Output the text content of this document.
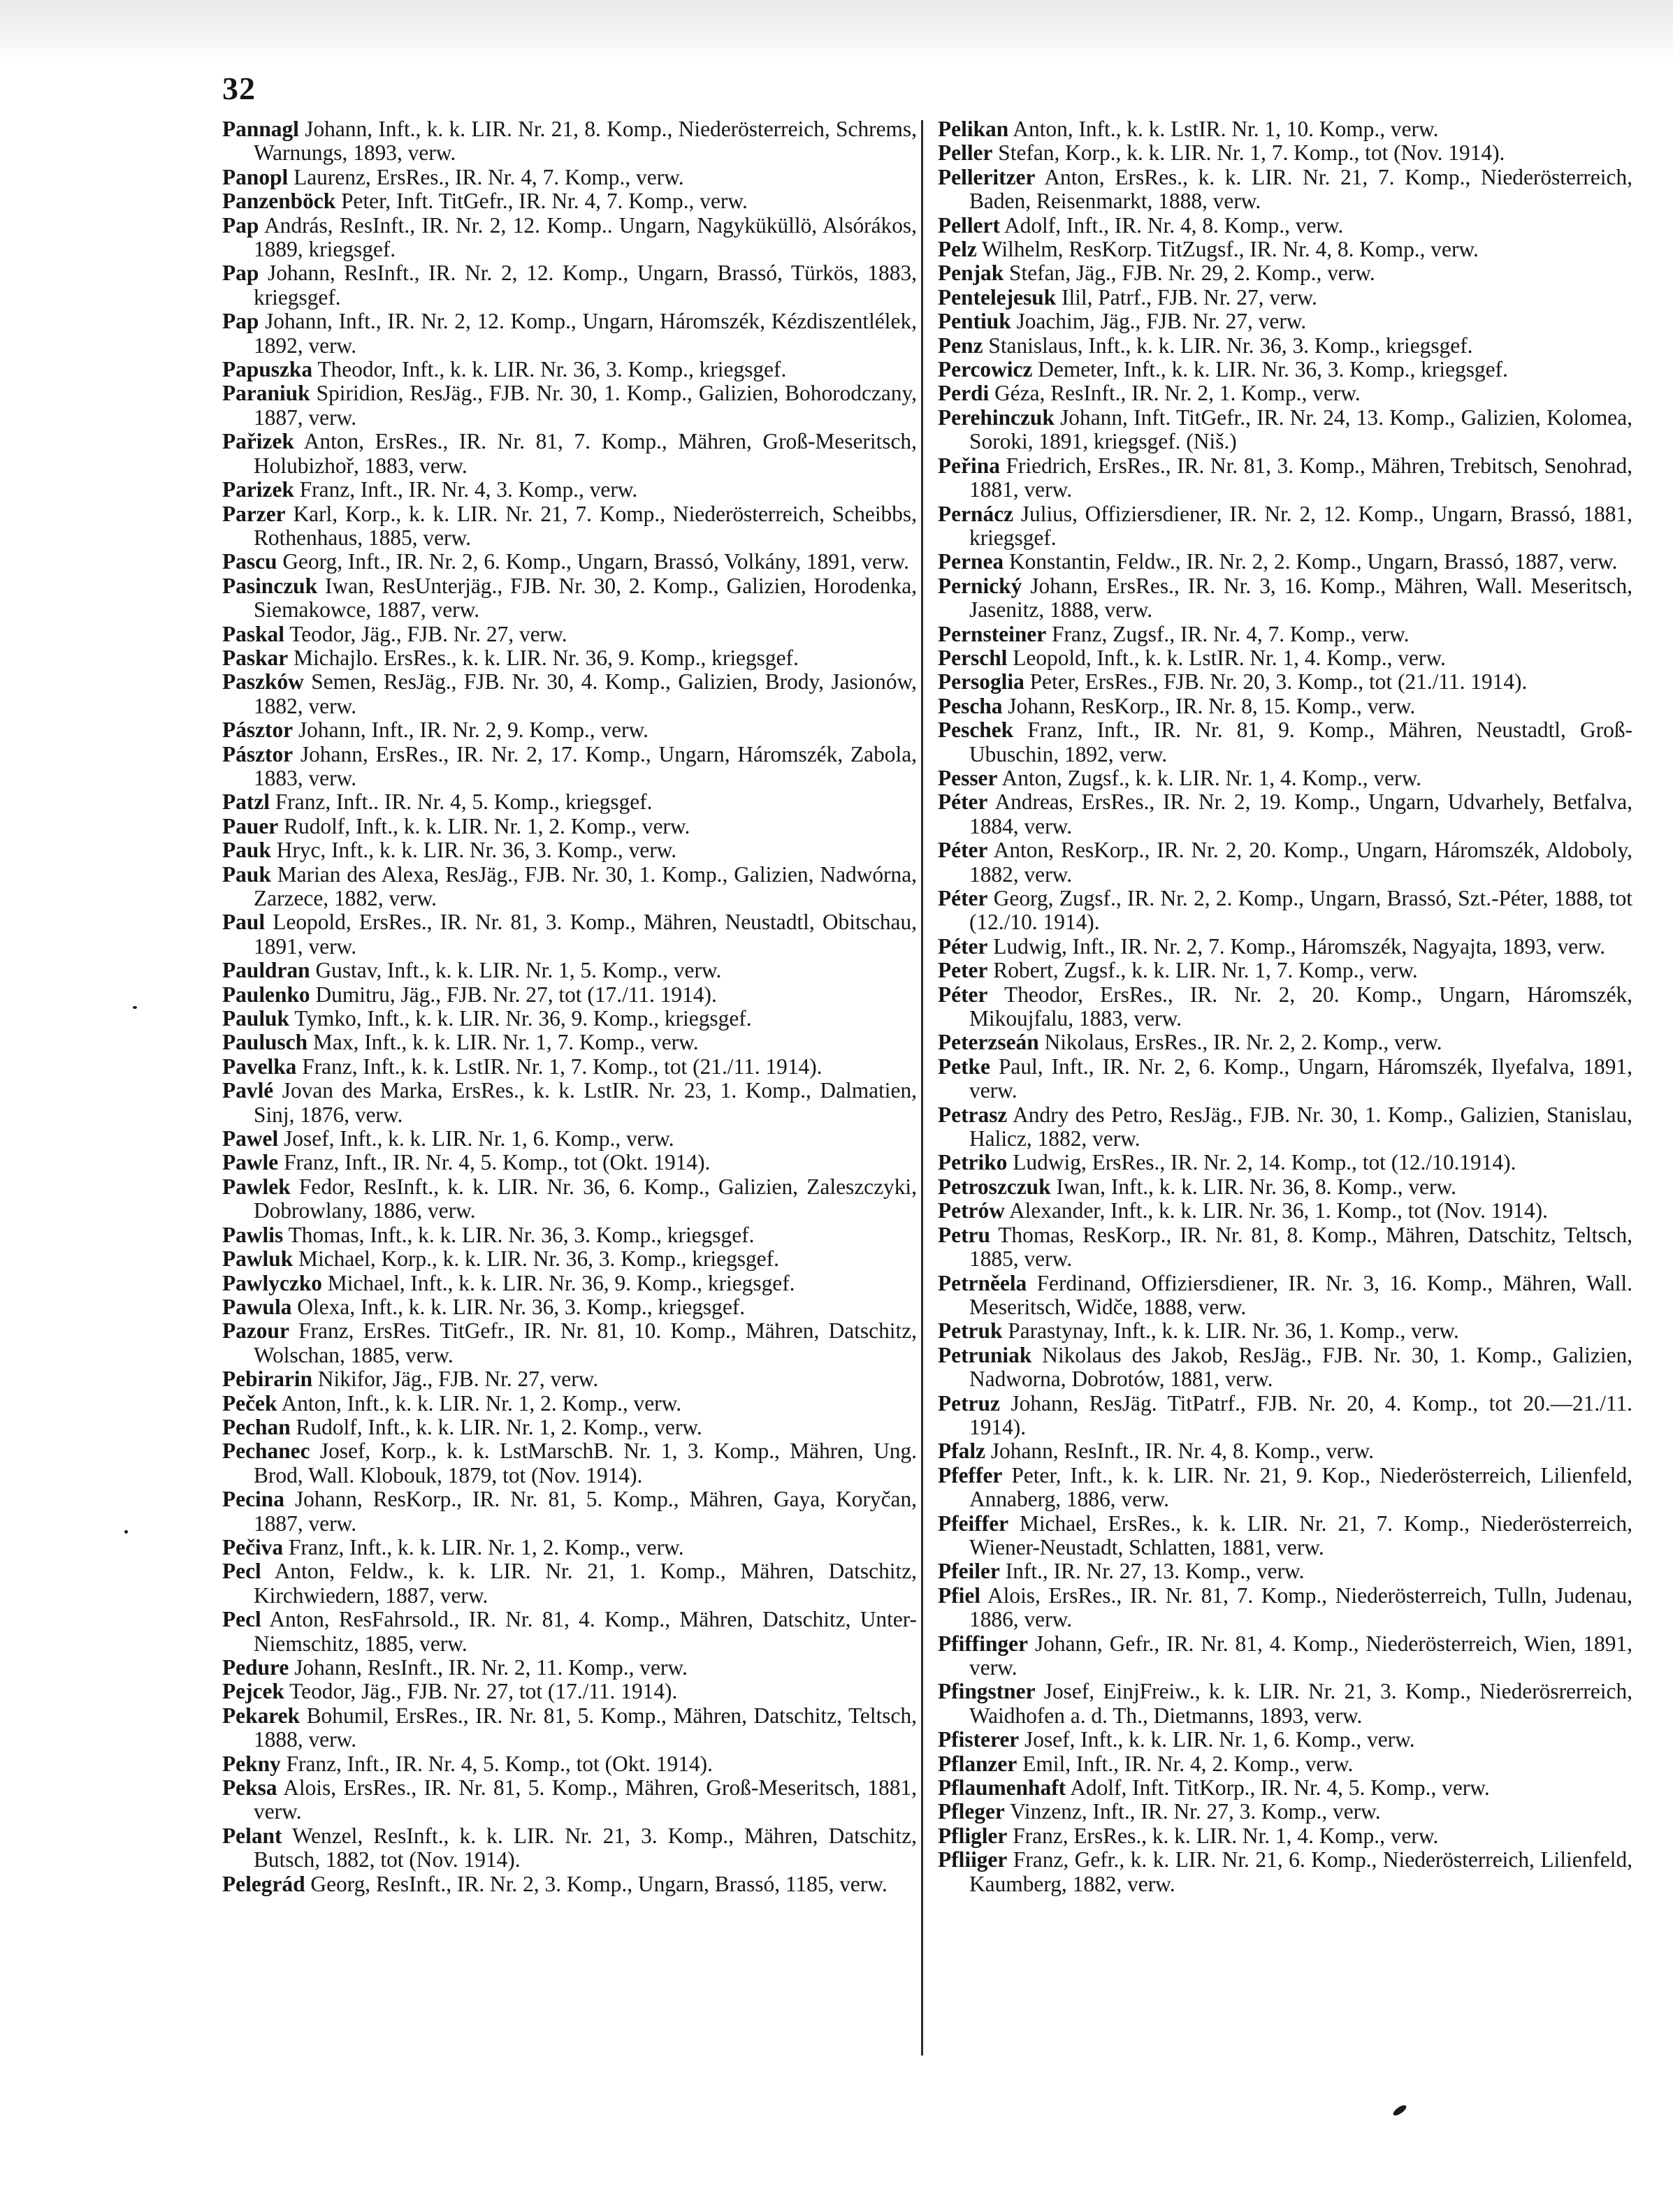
32

Pannagl Johann, Inft., k. k. LIR. Nr. 21, 8. Komp., Niederösterreich, Schrems, Warnungs, 1893, verw.

Panopl Laurenz, ErsRes., IR. Nr. 4, 7. Komp., verw.

Panzenböck Peter, Inft. TitGefr., IR. Nr. 4, 7. Komp., verw.

Pap András, ResInft., IR. Nr. 2, 12. Komp.. Ungarn, Nagyküküllö, Alsórákos, 1889, kriegsgef.

Pap Johann, ResInft., IR. Nr. 2, 12. Komp., Ungarn, Brassó, Türkös, 1883, kriegsgef.

Pap Johann, Inft., IR. Nr. 2, 12. Komp., Ungarn, Háromszék, Kézdiszentlélek, 1892, verw.

Papuszka Theodor, Inft., k. k. LIR. Nr. 36, 3. Komp., kriegsgef.

Paraniuk Spiridion, ResJäg., FJB. Nr. 30, 1. Komp., Galizien, Bohorodczany, 1887, verw.

Pařizek Anton, ErsRes., IR. Nr. 81, 7. Komp., Mähren, Groß-Meseritsch, Holubizhoř, 1883, verw.

Parizek Franz, Inft., IR. Nr. 4, 3. Komp., verw.

Parzer Karl, Korp., k. k. LIR. Nr. 21, 7. Komp., Niederösterreich, Scheibbs, Rothenhaus, 1885, verw.

Pascu Georg, Inft., IR. Nr. 2, 6. Komp., Ungarn, Brassó, Volkány, 1891, verw.

Pasinczuk Iwan, ResUnterjäg., FJB. Nr. 30, 2. Komp., Galizien, Horodenka, Siemakowce, 1887, verw.

Paskal Teodor, Jäg., FJB. Nr. 27, verw.

Paskar Michajlo. ErsRes., k. k. LIR. Nr. 36, 9. Komp., kriegsgef.

Paszków Semen, ResJäg., FJB. Nr. 30, 4. Komp., Galizien, Brody, Jasionów, 1882, verw.

Pásztor Johann, Inft., IR. Nr. 2, 9. Komp., verw.

Pásztor Johann, ErsRes., IR. Nr. 2, 17. Komp., Ungarn, Háromszék, Zabola, 1883, verw.

Patzl Franz, Inft.. IR. Nr. 4, 5. Komp., kriegsgef.

Pauer Rudolf, Inft., k. k. LIR. Nr. 1, 2. Komp., verw.

Pauk Hryc, Inft., k. k. LIR. Nr. 36, 3. Komp., verw.

Pauk Marian des Alexa, ResJäg., FJB. Nr. 30, 1. Komp., Galizien, Nadwórna, Zarzece, 1882, verw.

Paul Leopold, ErsRes., IR. Nr. 81, 3. Komp., Mähren, Neustadtl, Obitschau, 1891, verw.

Pauldran Gustav, Inft., k. k. LIR. Nr. 1, 5. Komp., verw.

Paulenko Dumitru, Jäg., FJB. Nr. 27, tot (17./11. 1914).

Pauluk Tymko, Inft., k. k. LIR. Nr. 36, 9. Komp., kriegsgef.

Paulusch Max, Inft., k. k. LIR. Nr. 1, 7. Komp., verw.

Pavelka Franz, Inft., k. k. LstIR. Nr. 1, 7. Komp., tot (21./11. 1914).

Pavlé Jovan des Marka, ErsRes., k. k. LstIR. Nr. 23, 1. Komp., Dalmatien, Sinj, 1876, verw.

Pawel Josef, Inft., k. k. LIR. Nr. 1, 6. Komp., verw.

Pawle Franz, Inft., IR. Nr. 4, 5. Komp., tot (Okt. 1914).

Pawlek Fedor, ResInft., k. k. LIR. Nr. 36, 6. Komp., Galizien, Zaleszczyki, Dobrowlany, 1886, verw.

Pawlis Thomas, Inft., k. k. LIR. Nr. 36, 3. Komp., kriegsgef.

Pawluk Michael, Korp., k. k. LIR. Nr. 36, 3. Komp., kriegsgef.

Pawlyczko Michael, Inft., k. k. LIR. Nr. 36, 9. Komp., kriegsgef.

Pawula Olexa, Inft., k. k. LIR. Nr. 36, 3. Komp., kriegsgef.

Pazour Franz, ErsRes. TitGefr., IR. Nr. 81, 10. Komp., Mähren, Datschitz, Wolschan, 1885, verw.

Pebirarin Nikifor, Jäg., FJB. Nr. 27, verw.

Peček Anton, Inft., k. k. LIR. Nr. 1, 2. Komp., verw.

Pechan Rudolf, Inft., k. k. LIR. Nr. 1, 2. Komp., verw.

Pechanec Josef, Korp., k. k. LstMarschB. Nr. 1, 3. Komp., Mähren, Ung. Brod, Wall. Klobouk, 1879, tot (Nov. 1914).

Pecina Johann, ResKorp., IR. Nr. 81, 5. Komp., Mähren, Gaya, Koryčan, 1887, verw.

Pečiva Franz, Inft., k. k. LIR. Nr. 1, 2. Komp., verw.

Pecl Anton, Feldw., k. k. LIR. Nr. 21, 1. Komp., Mähren, Datschitz, Kirchwiedern, 1887, verw.

Pecl Anton, ResFahrsold., IR. Nr. 81, 4. Komp., Mähren, Datschitz, Unter-Niemschitz, 1885, verw.

Pedure Johann, ResInft., IR. Nr. 2, 11. Komp., verw.

Pejcek Teodor, Jäg., FJB. Nr. 27, tot (17./11. 1914).

Pekarek Bohumil, ErsRes., IR. Nr. 81, 5. Komp., Mähren, Datschitz, Teltsch, 1888, verw.

Pekny Franz, Inft., IR. Nr. 4, 5. Komp., tot (Okt. 1914).

Peksa Alois, ErsRes., IR. Nr. 81, 5. Komp., Mähren, Groß-Meseritsch, 1881, verw.

Pelant Wenzel, ResInft., k. k. LIR. Nr. 21, 3. Komp., Mähren, Datschitz, Butsch, 1882, tot (Nov. 1914).

Pelegrád Georg, ResInft., IR. Nr. 2, 3. Komp., Ungarn, Brassó, 1185, verw.

Pelikan Anton, Inft., k. k. LstIR. Nr. 1, 10. Komp., verw.

Peller Stefan, Korp., k. k. LIR. Nr. 1, 7. Komp., tot (Nov. 1914).

Pelleritzer Anton, ErsRes., k. k. LIR. Nr. 21, 7. Komp., Niederösterreich, Baden, Reisenmarkt, 1888, verw.

Pellert Adolf, Inft., IR. Nr. 4, 8. Komp., verw.

Pelz Wilhelm, ResKorp. TitZugsf., IR. Nr. 4, 8. Komp., verw.

Penjak Stefan, Jäg., FJB. Nr. 29, 2. Komp., verw.

Pentelejesuk Ilil, Patrf., FJB. Nr. 27, verw.

Pentiuk Joachim, Jäg., FJB. Nr. 27, verw.

Penz Stanislaus, Inft., k. k. LIR. Nr. 36, 3. Komp., kriegsgef.

Percowicz Demeter, Inft., k. k. LIR. Nr. 36, 3. Komp., kriegsgef.

Perdi Géza, ResInft., IR. Nr. 2, 1. Komp., verw.

Perehinczuk Johann, Inft. TitGefr., IR. Nr. 24, 13. Komp., Galizien, Kolomea, Soroki, 1891, kriegsgef. (Niš.)

Peřina Friedrich, ErsRes., IR. Nr. 81, 3. Komp., Mähren, Trebitsch, Senohrad, 1881, verw.

Pernácz Julius, Offiziersdiener, IR. Nr. 2, 12. Komp., Ungarn, Brassó, 1881, kriegsgef.

Pernea Konstantin, Feldw., IR. Nr. 2, 2. Komp., Ungarn, Brassó, 1887, verw.

Pernický Johann, ErsRes., IR. Nr. 3, 16. Komp., Mähren, Wall. Meseritsch, Jasenitz, 1888, verw.

Pernsteiner Franz, Zugsf., IR. Nr. 4, 7. Komp., verw.

Perschl Leopold, Inft., k. k. LstIR. Nr. 1, 4. Komp., verw.

Persoglia Peter, ErsRes., FJB. Nr. 20, 3. Komp., tot (21./11. 1914).

Pescha Johann, ResKorp., IR. Nr. 8, 15. Komp., verw.

Peschek Franz, Inft., IR. Nr. 81, 9. Komp., Mähren, Neustadtl, Groß-Ubuschin, 1892, verw.

Pesser Anton, Zugsf., k. k. LIR. Nr. 1, 4. Komp., verw.

Péter Andreas, ErsRes., IR. Nr. 2, 19. Komp., Ungarn, Udvarhely, Betfalva, 1884, verw.

Péter Anton, ResKorp., IR. Nr. 2, 20. Komp., Ungarn, Háromszék, Aldoboly, 1882, verw.

Péter Georg, Zugsf., IR. Nr. 2, 2. Komp., Ungarn, Brassó, Szt.-Péter, 1888, tot (12./10. 1914).

Péter Ludwig, Inft., IR. Nr. 2, 7. Komp., Háromszék, Nagyajta, 1893, verw.

Peter Robert, Zugsf., k. k. LIR. Nr. 1, 7. Komp., verw.

Péter Theodor, ErsRes., IR. Nr. 2, 20. Komp., Ungarn, Háromszék, Mikoujfalu, 1883, verw.

Peterzseán Nikolaus, ErsRes., IR. Nr. 2, 2. Komp., verw.

Petke Paul, Inft., IR. Nr. 2, 6. Komp., Ungarn, Háromszék, Ilyefalva, 1891, verw.

Petrasz Andry des Petro, ResJäg., FJB. Nr. 30, 1. Komp., Galizien, Stanislau, Halicz, 1882, verw.

Petriko Ludwig, ErsRes., IR. Nr. 2, 14. Komp., tot (12./10.1914).

Petroszczuk Iwan, Inft., k. k. LIR. Nr. 36, 8. Komp., verw.

Petrów Alexander, Inft., k. k. LIR. Nr. 36, 1. Komp., tot (Nov. 1914).

Petru Thomas, ResKorp., IR. Nr. 81, 8. Komp., Mähren, Datschitz, Teltsch, 1885, verw.

Petrněela Ferdinand, Offiziersdiener, IR. Nr. 3, 16. Komp., Mähren, Wall. Meseritsch, Widče, 1888, verw.

Petruk Parastynay, Inft., k. k. LIR. Nr. 36, 1. Komp., verw.

Petruniak Nikolaus des Jakob, ResJäg., FJB. Nr. 30, 1. Komp., Galizien, Nadworna, Dobrotów, 1881, verw.

Petruz Johann, ResJäg. TitPatrf., FJB. Nr. 20, 4. Komp., tot 20.—21./11. 1914).

Pfalz Johann, ResInft., IR. Nr. 4, 8. Komp., verw.

Pfeffer Peter, Inft., k. k. LIR. Nr. 21, 9. Kop., Niederösterreich, Lilienfeld, Annaberg, 1886, verw.

Pfeiffer Michael, ErsRes., k. k. LIR. Nr. 21, 7. Komp., Niederösterreich, Wiener-Neustadt, Schlatten, 1881, verw.

Pfeiler Inft., IR. Nr. 27, 13. Komp., verw.

Pfiel Alois, ErsRes., IR. Nr. 81, 7. Komp., Niederösterreich, Tulln, Judenau, 1886, verw.

Pfiffinger Johann, Gefr., IR. Nr. 81, 4. Komp., Niederösterreich, Wien, 1891, verw.

Pfingstner Josef, EinjFreiw., k. k. LIR. Nr. 21, 3. Komp., Niederösrerreich, Waidhofen a. d. Th., Dietmanns, 1893, verw.

Pfisterer Josef, Inft., k. k. LIR. Nr. 1, 6. Komp., verw.

Pflanzer Emil, Inft., IR. Nr. 4, 2. Komp., verw.

Pflaumenhaft Adolf, Inft. TitKorp., IR. Nr. 4, 5. Komp., verw.

Pfleger Vinzenz, Inft., IR. Nr. 27, 3. Komp., verw.

Pfligler Franz, ErsRes., k. k. LIR. Nr. 1, 4. Komp., verw.

Pfliiger Franz, Gefr., k. k. LIR. Nr. 21, 6. Komp., Niederösterreich, Lilienfeld, Kaumberg, 1882, verw.
